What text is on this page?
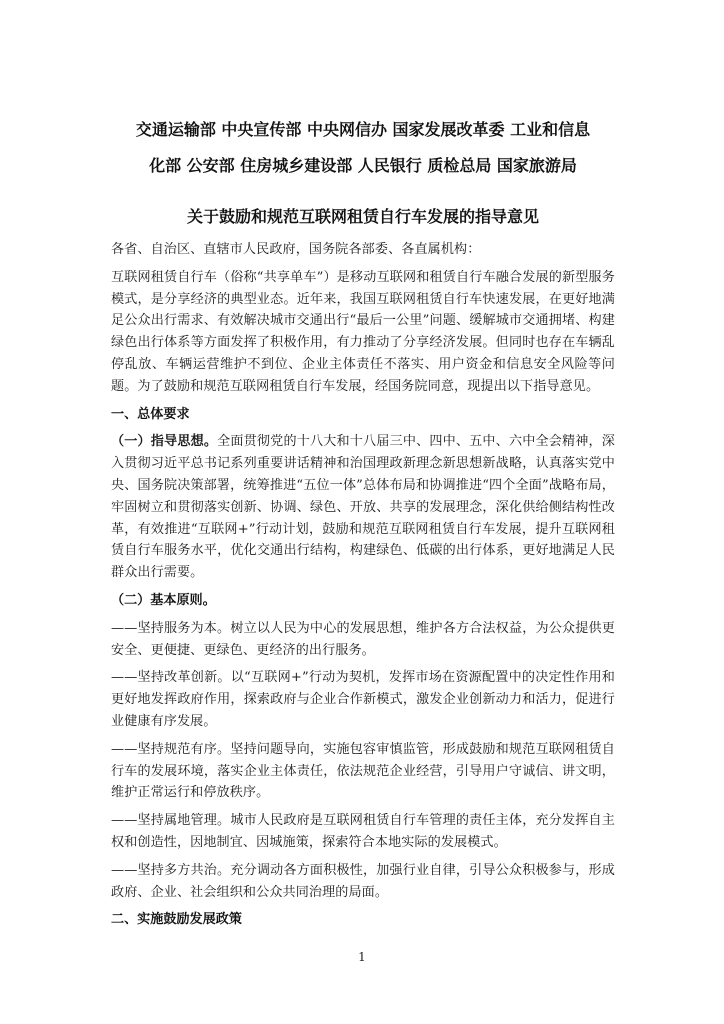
交通运输部 中央宣传部 中央网信办 国家发展改革委 工业和信息

化部 公安部 住房城乡建设部 人民银行 质检总局 国家旅游局

关于鼓励和规范互联网租赁自行车发展的指导意见

各省、自治区、直辖市人民政府，国务院各部委、各直属机构：

互联网租赁自行车（俗称“共享单车”）是移动互联网和租赁自行车融合发展的新型服务模式，是分享经济的典型业态。近年来，我国互联网租赁自行车快速发展，在更好地满足公众出行需求、有效解决城市交通出行“最后一公里”问题、缓解城市交通拥堵、构建绿色出行体系等方面发挥了积极作用，有力推动了分享经济发展。但同时也存在车辆乱停乱放、车辆运营维护不到位、企业主体责任不落实、用户资金和信息安全风险等问题。为了鼓励和规范互联网租赁自行车发展，经国务院同意，现提出以下指导意见。

一、总体要求

（一）指导思想。全面贯彻党的十八大和十八届三中、四中、五中、六中全会精神，深入贯彻习近平总书记系列重要讲话精神和治国理政新理念新思想新战略，认真落实党中央、国务院决策部署，统筹推进“五位一体”总体布局和协调推进“四个全面”战略布局，牢固树立和贯彻落实创新、协调、绿色、开放、共享的发展理念，深化供给侧结构性改革，有效推进“互联网+”行动计划，鼓励和规范互联网租赁自行车发展，提升互联网租赁自行车服务水平，优化交通出行结构，构建绿色、低碳的出行体系，更好地满足人民群众出行需要。

（二）基本原则。

——坚持服务为本。树立以人民为中心的发展思想，维护各方合法权益，为公众提供更安全、更便捷、更绿色、更经济的出行服务。

——坚持改革创新。以“互联网+”行动为契机，发挥市场在资源配置中的决定性作用和更好地发挥政府作用，探索政府与企业合作新模式，激发企业创新动力和活力，促进行业健康有序发展。

——坚持规范有序。坚持问题导向，实施包容审慎监管，形成鼓励和规范互联网租赁自行车的发展环境，落实企业主体责任，依法规范企业经营，引导用户守诚信、讲文明，维护正常运行和停放秩序。

——坚持属地管理。城市人民政府是互联网租赁自行车管理的责任主体，充分发挥自主权和创造性，因地制宜、因城施策，探索符合本地实际的发展模式。

——坚持多方共治。充分调动各方面积极性，加强行业自律，引导公众积极参与，形成政府、企业、社会组织和公众共同治理的局面。

二、实施鼓励发展政策

1
